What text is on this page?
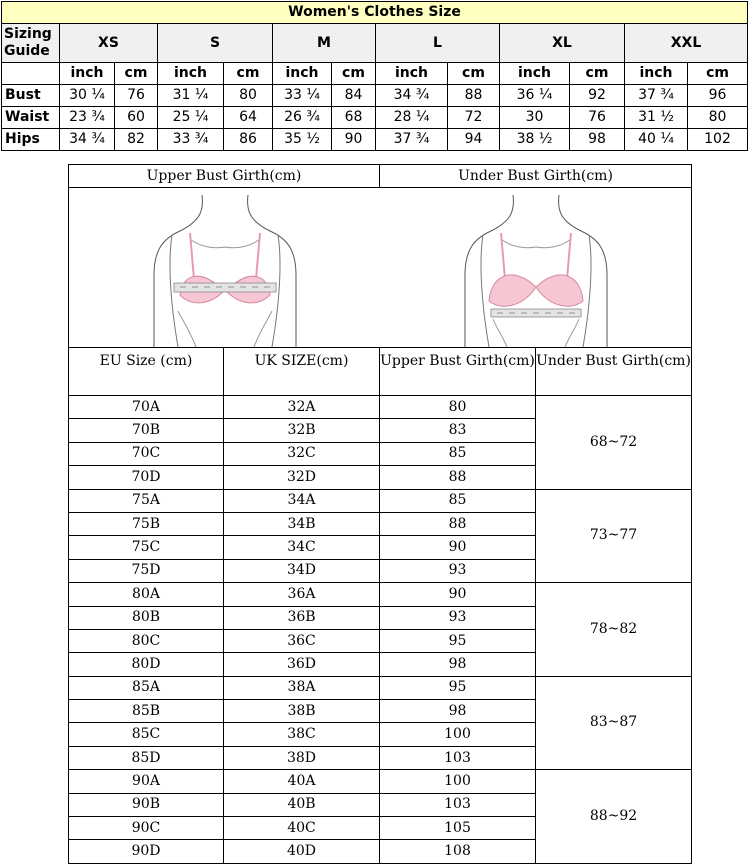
Women's Clothes Size												
Sizing Guide	XS		S		M		L		XL		XXL	
	inch	cm	inch	cm	inch	cm	inch	cm	inch	cm	inch	cm
Bust	30 ¼	76	31 ¼	80	33 ¼	84	34 ¾	88	36 ¼	92	37 ¾	96
Waist	23 ¾	60	25 ¼	64	26 ¾	68	28 ¼	72	30	76	31 ½	80
Hips	34 ¾	82	33 ¾	86	35 ½	90	37 ¾	94	38 ½	98	40 ¼	102
Upper Bust Girth(cm)		Under Bust Girth(cm)	

EU Size (cm)	UK SIZE(cm)	Upper Bust Girth(cm)	Under Bust Girth(cm)
70A	32A	80	68~72
70B	32B	83	
70C	32C	85	
70D	32D	88	
75A	34A	85	73~77
75B	34B	88	
75C	34C	90	
75D	34D	93	
80A	36A	90	78~82
80B	36B	93	
80C	36C	95	
80D	36D	98	
85A	38A	95	83~87
85B	38B	98	
85C	38C	100	
85D	38D	103	
90A	40A	100	88~92
90B	40B	103	
90C	40C	105	
90D	40D	108	
